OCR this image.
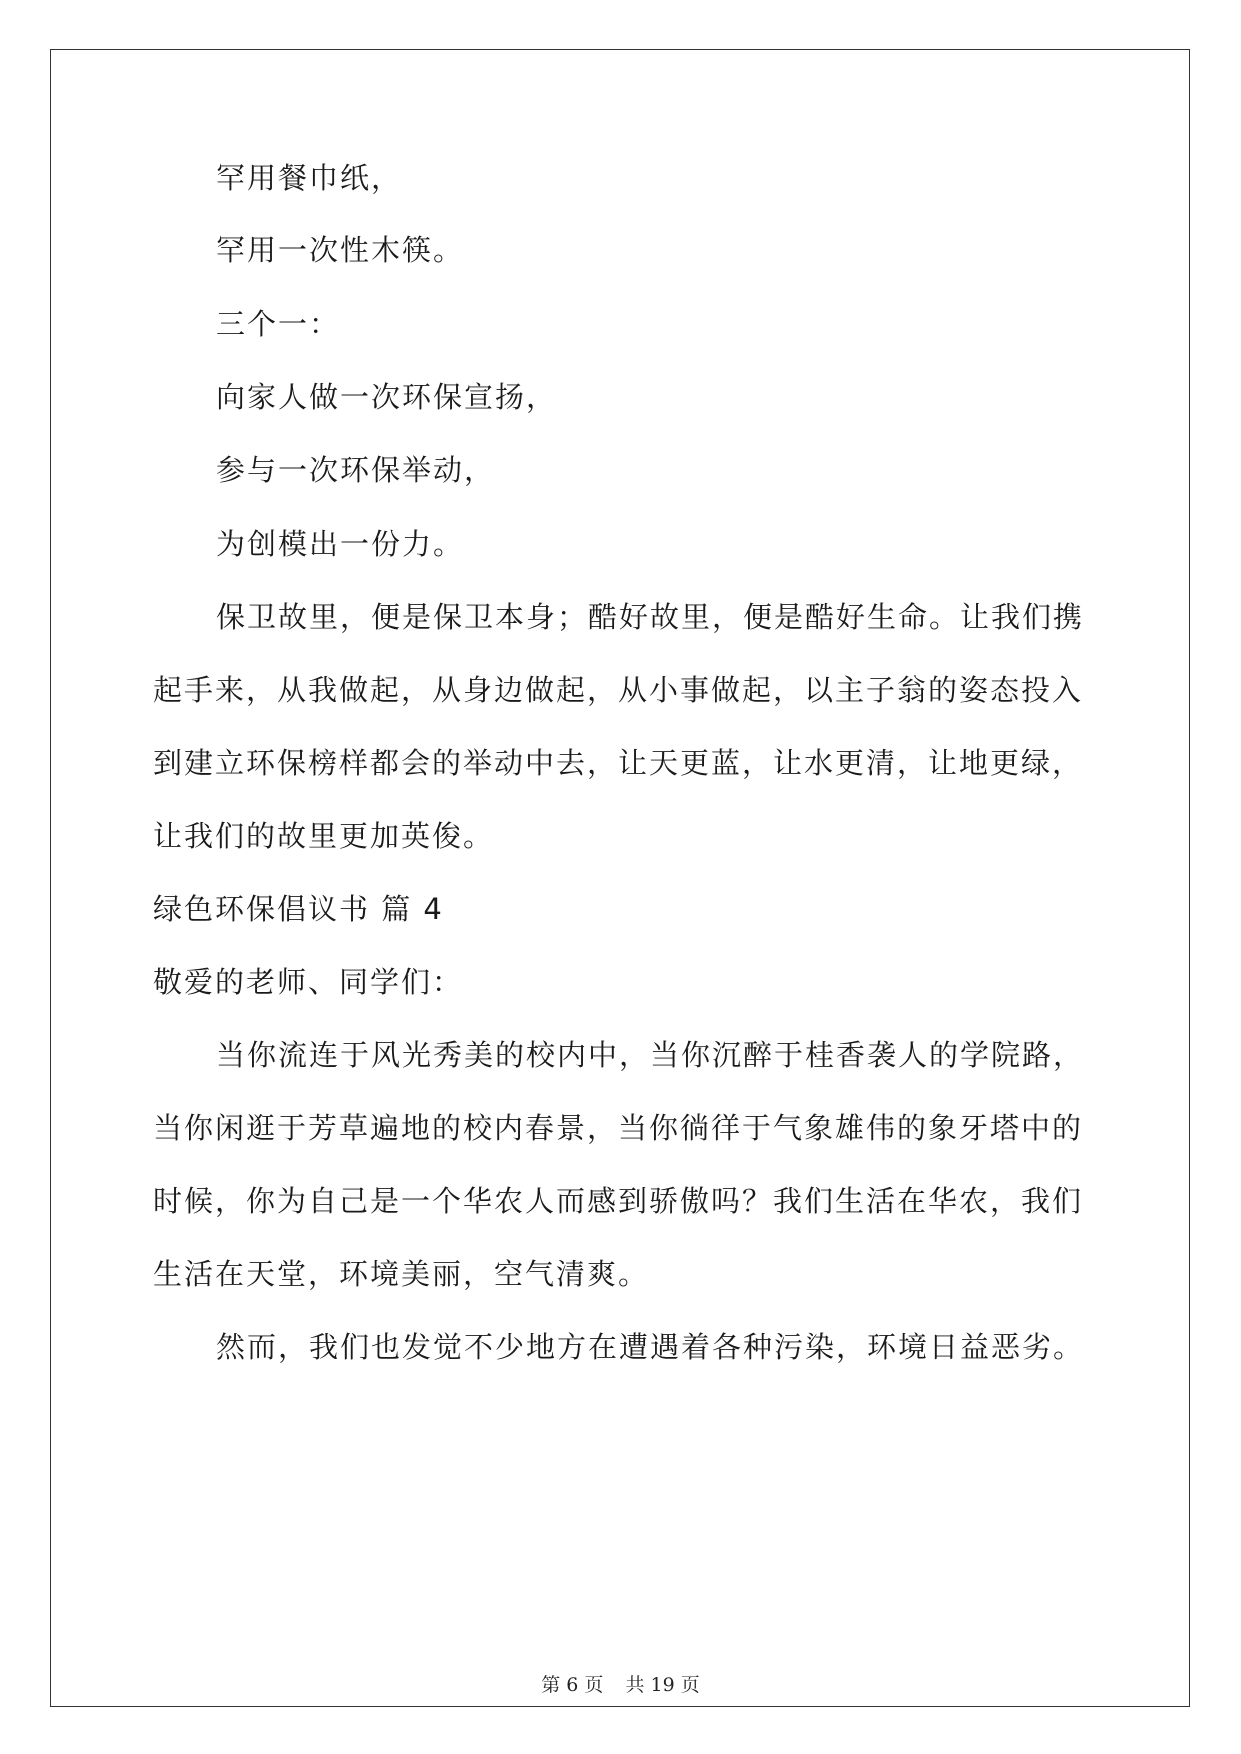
罕用餐巾纸，

罕用一次性木筷。

三个一：

向家人做一次环保宣扬，

参与一次环保举动，

为创模出一份力。

保卫故里，便是保卫本身；酷好故里，便是酷好生命。让我们携

起手来，从我做起，从身边做起，从小事做起，以主子翁的姿态投入

到建立环保榜样都会的举动中去，让天更蓝，让水更清，让地更绿，

让我们的故里更加英俊。

绿色环保倡议书 篇 4

敬爱的老师、同学们：

当你流连于风光秀美的校内中，当你沉醉于桂香袭人的学院路，

当你闲逛于芳草遍地的校内春景，当你徜徉于气象雄伟的象牙塔中的

时候，你为自己是一个华农人而感到骄傲吗？我们生活在华农，我们

生活在天堂，环境美丽，空气清爽。

然而，我们也发觉不少地方在遭遇着各种污染，环境日益恶劣。

第 6 页 共 19 页
